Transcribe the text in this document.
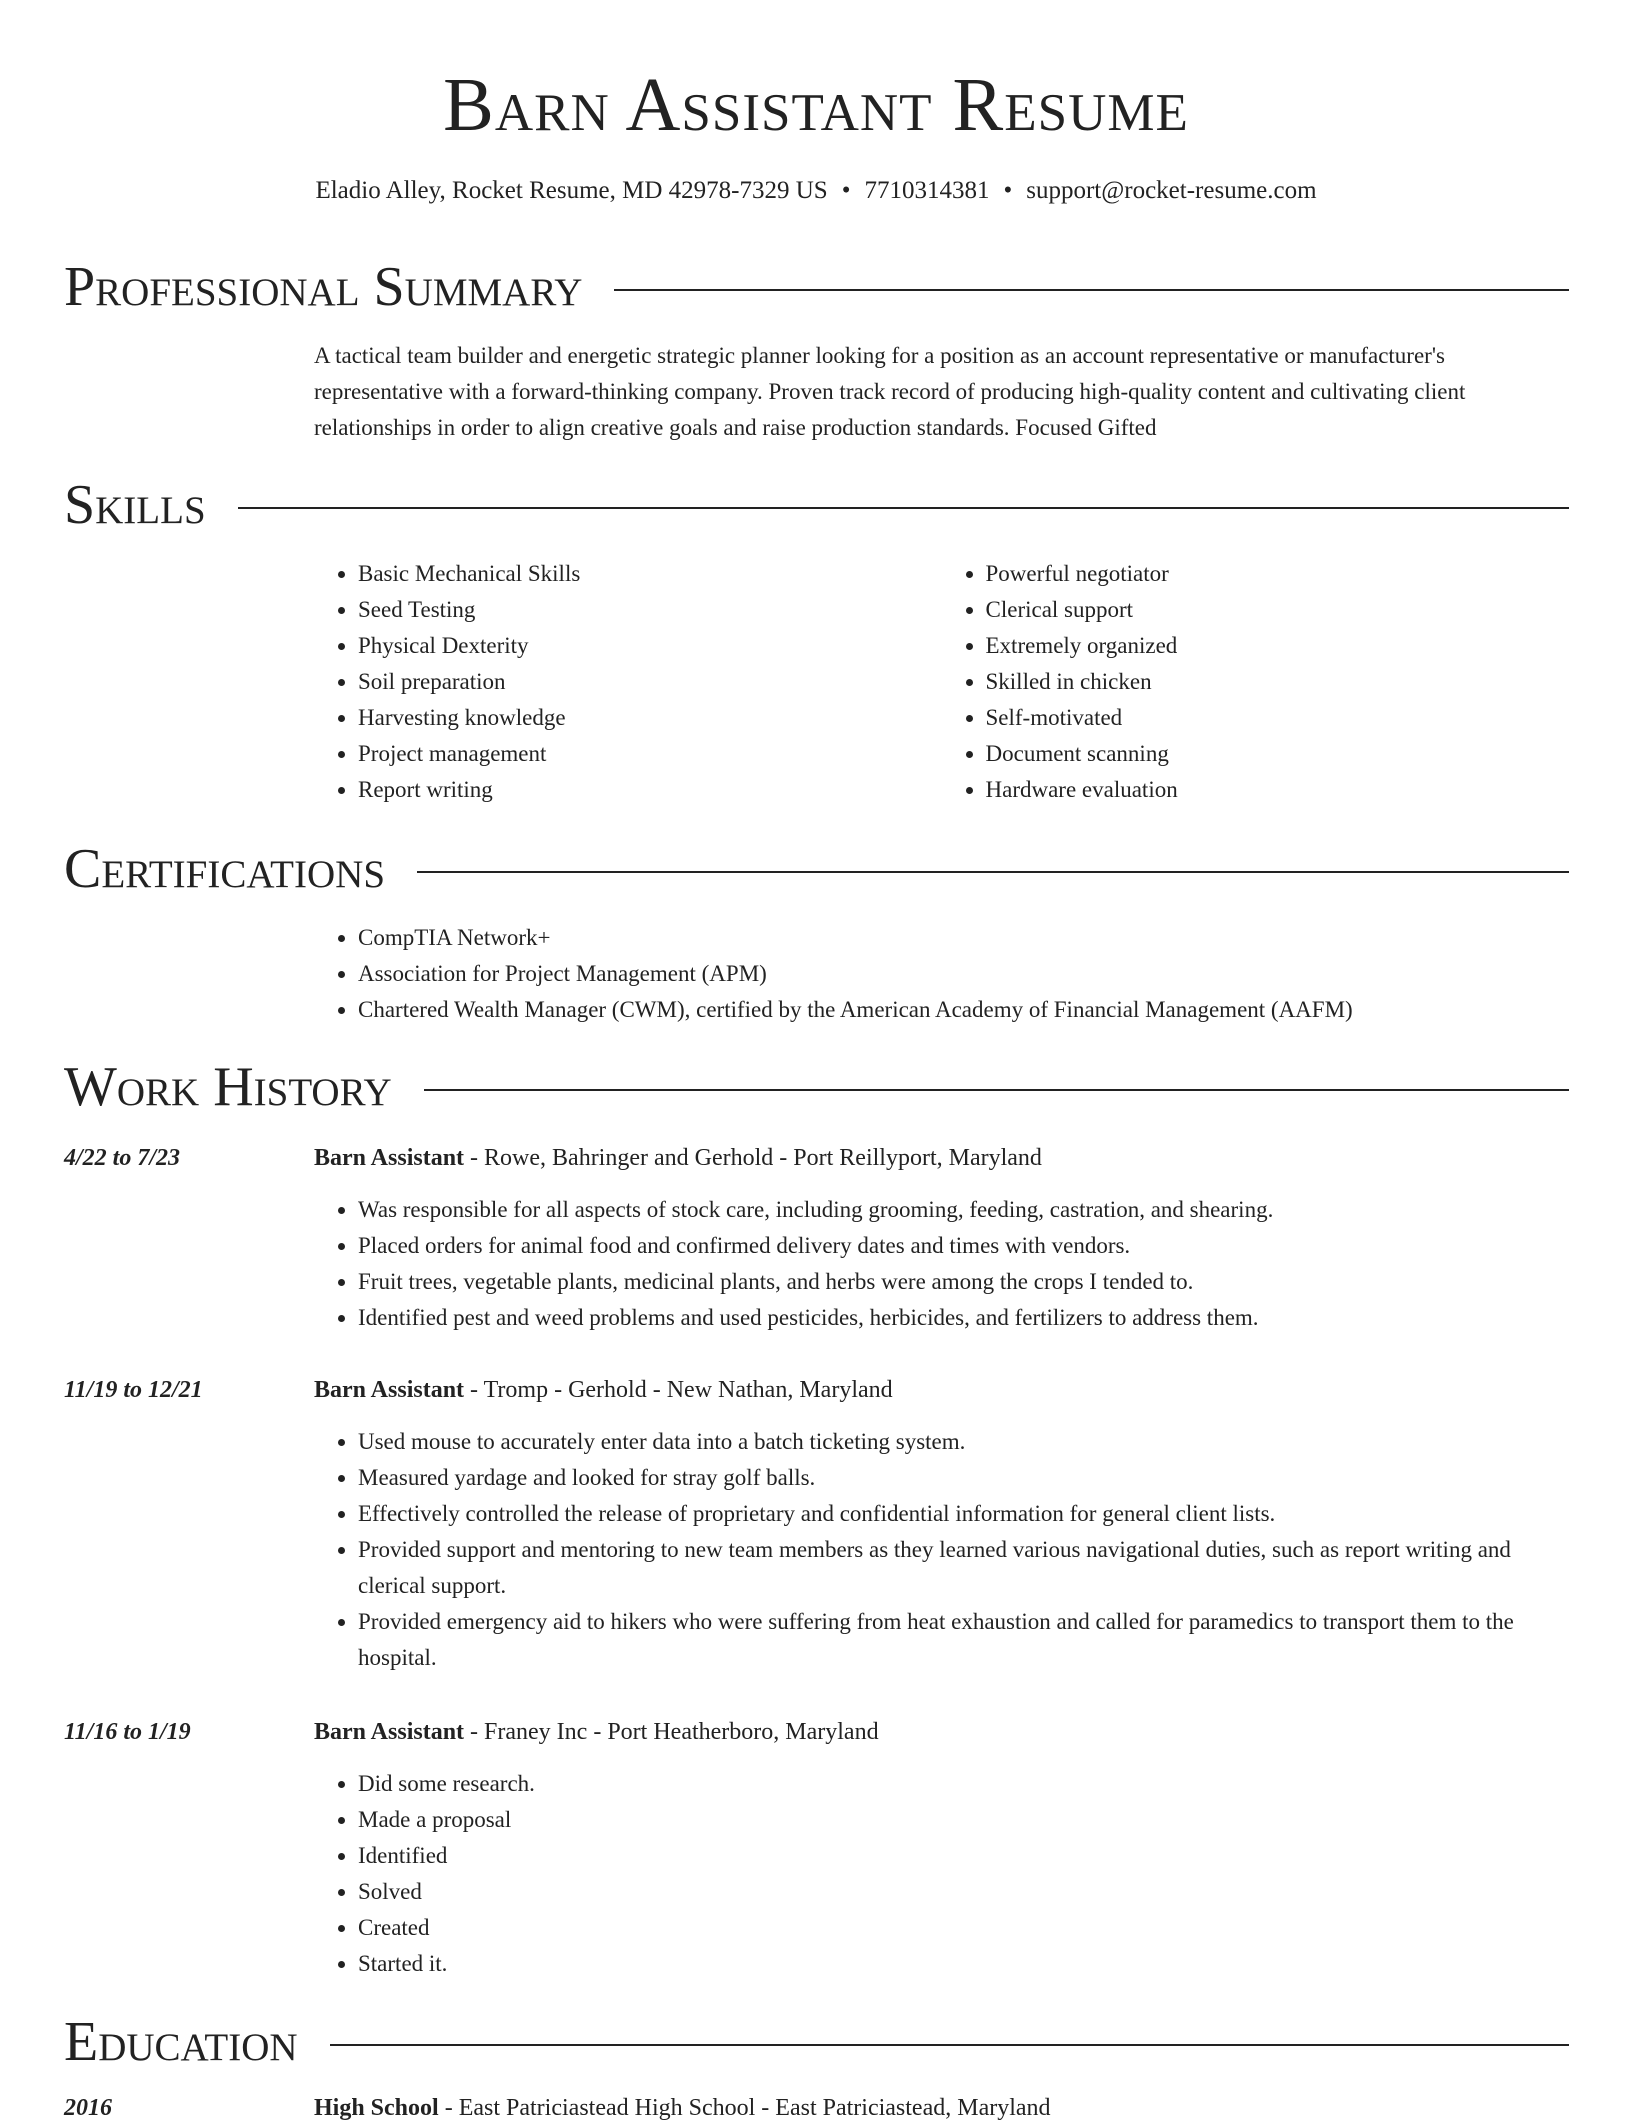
Barn Assistant Resume
Eladio Alley, Rocket Resume, MD 42978-7329 US • 7710314381 • support@rocket-resume.com
Professional Summary

A tactical team builder and energetic strategic planner looking for a position as an account representative or manufacturer's representative with a forward-thinking company. Proven track record of producing high-quality content and cultivating client relationships in order to align creative goals and raise production standards. Focused Gifted

Skills
• Basic Mechanical Skills
• Seed Testing
• Physical Dexterity
• Soil preparation
• Harvesting knowledge
• Project management
• Report writing
• Powerful negotiator
• Clerical support
• Extremely organized
• Skilled in chicken
• Self-motivated
• Document scanning
• Hardware evaluation
Certifications
• CompTIA Network+
• Association for Project Management (APM)
• Chartered Wealth Manager (CWM), certified by the American Academy of Financial Management (AAFM)
Work History
4/22 to 7/23	Barn Assistant - Rowe, Bahringer and Gerhold - Port Reillyport, Maryland
• Was responsible for all aspects of stock care, including grooming, feeding, castration, and shearing.
• Placed orders for animal food and confirmed delivery dates and times with vendors.
• Fruit trees, vegetable plants, medicinal plants, and herbs were among the crops I tended to.
• Identified pest and weed problems and used pesticides, herbicides, and fertilizers to address them.
11/19 to 12/21	Barn Assistant - Tromp - Gerhold - New Nathan, Maryland
• Used mouse to accurately enter data into a batch ticketing system.
• Measured yardage and looked for stray golf balls.
• Effectively controlled the release of proprietary and confidential information for general client lists.
• Provided support and mentoring to new team members as they learned various navigational duties, such as report writing and clerical support.
• Provided emergency aid to hikers who were suffering from heat exhaustion and called for paramedics to transport them to the hospital.
11/16 to 1/19	Barn Assistant - Franey Inc - Port Heatherboro, Maryland
• Did some research.
• Made a proposal
• Identified
• Solved
• Created
• Started it.
Education
2016	High School - East Patriciastead High School - East Patriciastead, Maryland
